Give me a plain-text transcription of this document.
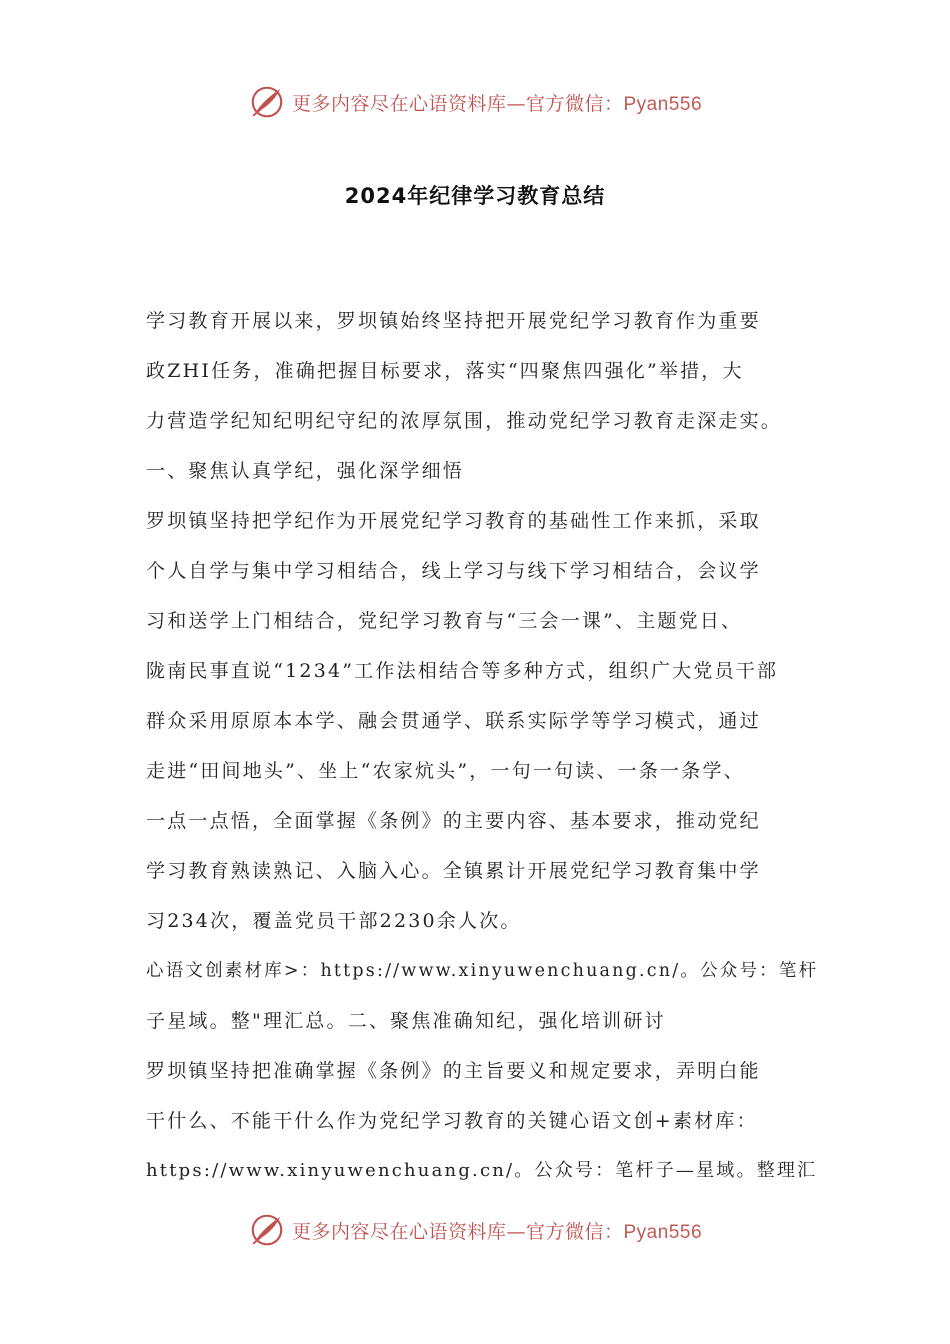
更多内容尽在心语资料库—官方微信：Pyan556
2024年纪律学习教育总结
学习教育开展以来，罗坝镇始终坚持把开展党纪学习教育作为重要
政ZHI任务，准确把握目标要求，落实“四聚焦四强化”举措，大
力营造学纪知纪明纪守纪的浓厚氛围，推动党纪学习教育走深走实。
一、聚焦认真学纪，强化深学细悟
罗坝镇坚持把学纪作为开展党纪学习教育的基础性工作来抓，采取
个人自学与集中学习相结合，线上学习与线下学习相结合，会议学
习和送学上门相结合，党纪学习教育与“三会一课”、主题党日、
陇南民事直说“1234”工作法相结合等多种方式，组织广大党员干部
群众采用原原本本学、融会贯通学、联系实际学等学习模式，通过
走进“田间地头”、坐上“农家炕头”，一句一句读、一条一条学、
一点一点悟，全面掌握《条例》的主要内容、基本要求，推动党纪
学习教育熟读熟记、入脑入心。全镇累计开展党纪学习教育集中学
习234次，覆盖党员干部2230余人次。
心语文创素材库>：https://www.xinyuwenchuang.cn/。公众号：笔杆
子星域。整"理汇总。二、聚焦准确知纪，强化培训研讨
罗坝镇坚持把准确掌握《条例》的主旨要义和规定要求，弄明白能
干什么、不能干什么作为党纪学习教育的关键心语文创+素材库：
https://www.xinyuwenchuang.cn/。公众号：笔杆子—星域。整理汇
更多内容尽在心语资料库—官方微信：Pyan556
